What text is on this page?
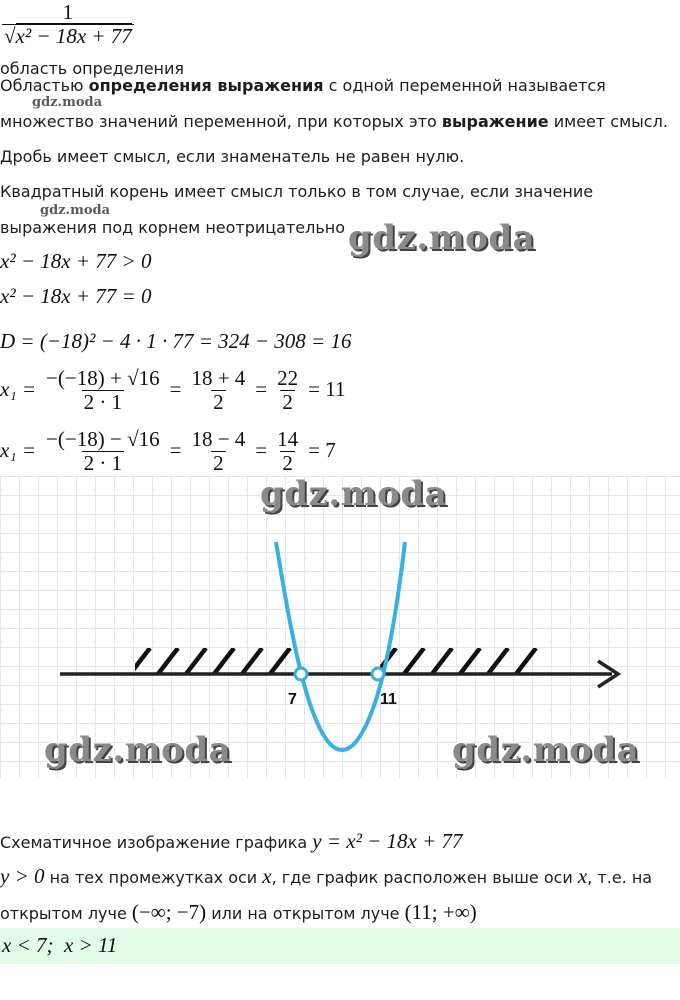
$\frac{1}{\text{√x² − 18x + 77}}$
область определения
Областью определения выражения с одной переменной называется
gdz.moda
множество значений переменной, при которых это выражение имеет смысл.
Дробь имеет смысл, если знаменатель не равен нулю.
Квадратный корень имеет смысл только в том случае, если значение
gdz.moda
выражения под корнем неотрицательно gdz.moda
x² − 18x + 77 > 0
x² − 18x + 77 = 0
D = (−18)² − 4 · 1 · 77 = 324 − 308 = 16
$x_1 = \frac{-(-18) + √16}{2 \cdot 1} = \frac{18 + 4}{2} = \frac{22}{2} = 11$
$x_1 = \frac{-(-18) - √16}{2 \cdot 1} = \frac{18 - 4}{2} = \frac{14}{2} = 7$
7	11
gdz.moda
gdz.moda	gdz.moda
Схематичное изображение графика y = x² − 18x + 77
y > 0 на тех промежутках оси x, где график расположен выше оси x, т.е. на
открытом луче (−∞; −7) или на открытом луче (11; +∞)
x < 7;  x > 11
